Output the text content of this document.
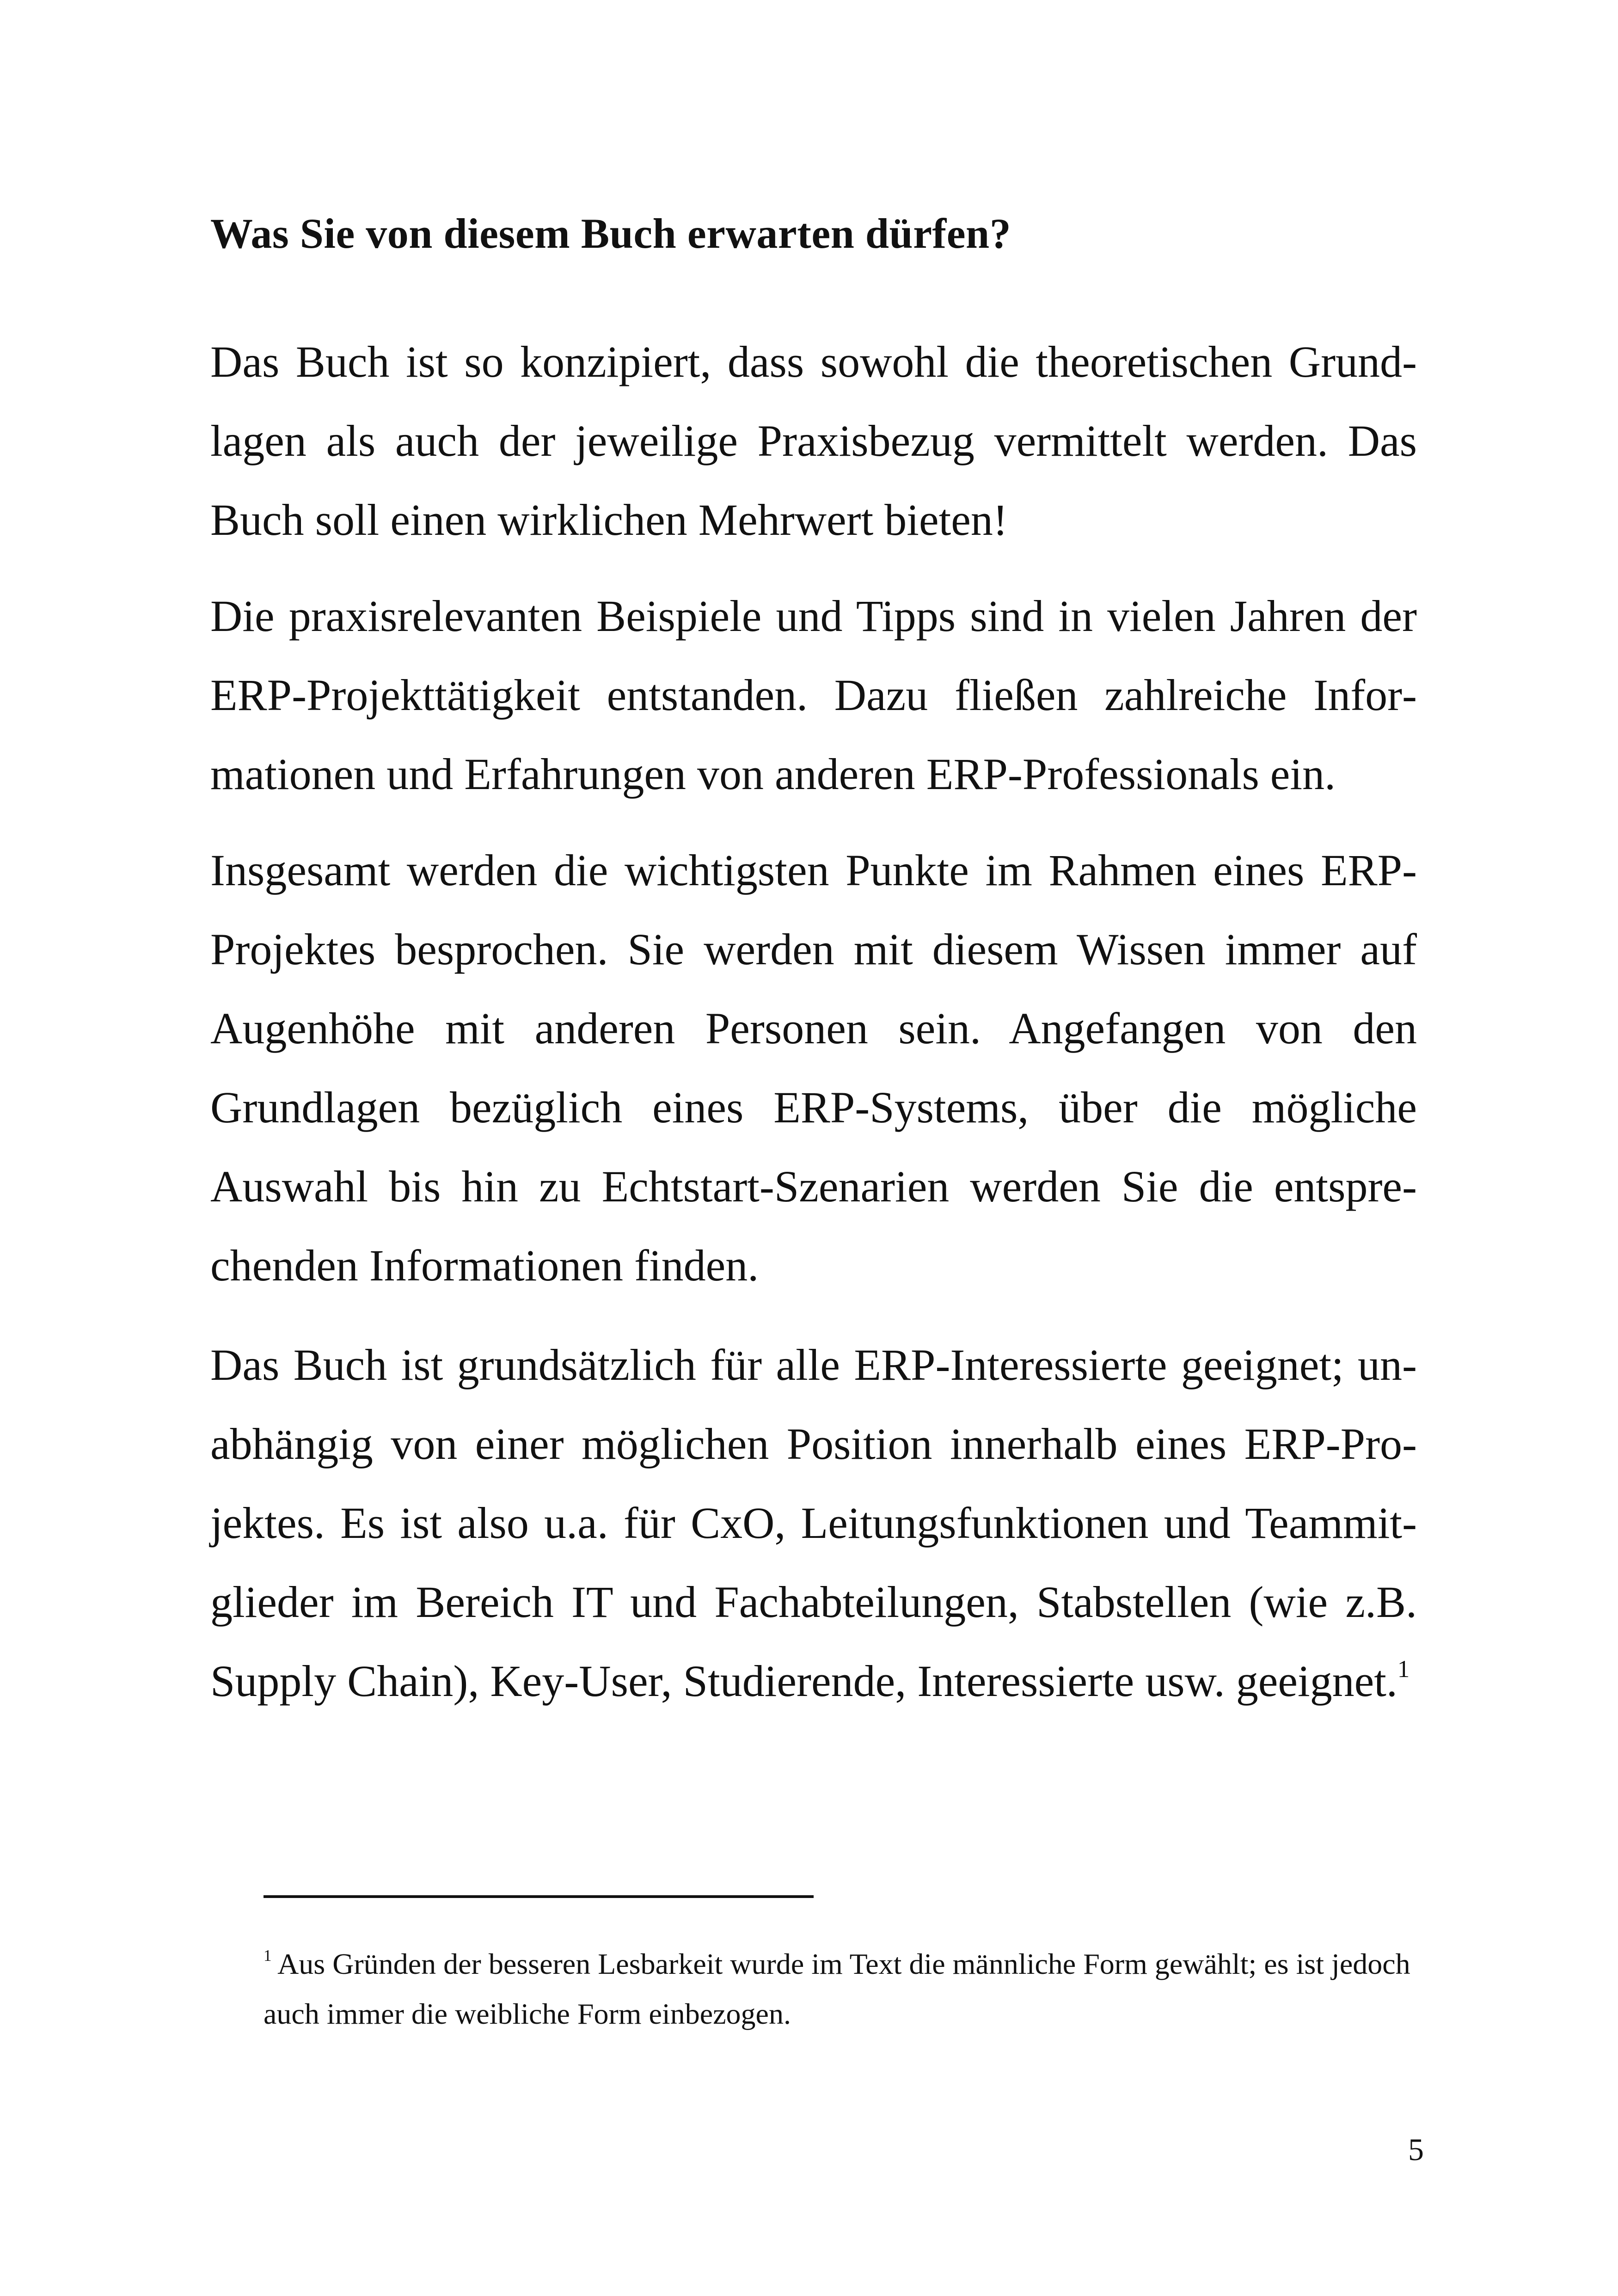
Was Sie von diesem Buch erwarten dürfen?

Das Buch ist so konzipiert, dass sowohl die theoretischen Grundlagen als auch der jeweilige Praxisbezug vermittelt werden. Das Buch soll einen wirklichen Mehrwert bieten!

Die praxisrelevanten Beispiele und Tipps sind in vielen Jahren der ERP-Projekttätigkeit entstanden. Dazu fließen zahlreiche Informationen und Erfahrungen von anderen ERP-Professionals ein.

Insgesamt werden die wichtigsten Punkte im Rahmen eines ERP-Projektes besprochen. Sie werden mit diesem Wissen immer auf Augenhöhe mit anderen Personen sein. Angefangen von den Grundlagen bezüglich eines ERP-Systems, über die mögliche Auswahl bis hin zu Echtstart-Szenarien werden Sie die entsprechenden Informationen finden.

Das Buch ist grundsätzlich für alle ERP-Interessierte geeignet; unabhängig von einer möglichen Position innerhalb eines ERP-Projektes. Es ist also u.a. für CxO, Leitungsfunktionen und Teammitglieder im Bereich IT und Fachabteilungen, Stabstellen (wie z.B. Supply Chain), Key-User, Studierende, Interessierte usw. geeignet.$^1$

$^1$ Aus Gründen der besseren Lesbarkeit wurde im Text die männliche Form gewählt; es ist jedoch auch immer die weibliche Form einbezogen.

5
